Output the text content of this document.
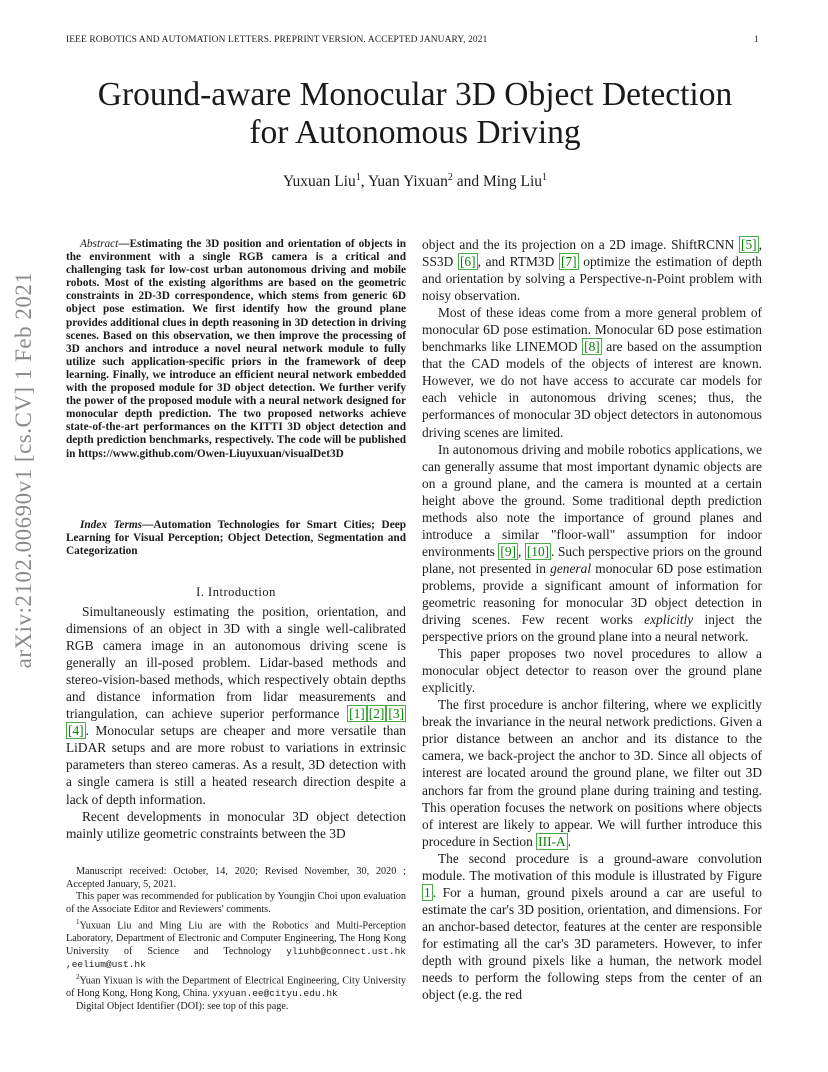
IEEE ROBOTICS AND AUTOMATION LETTERS. PREPRINT VERSION. ACCEPTED JANUARY, 2021	1
arXiv:2102.00690v1 [cs.CV] 1 Feb 2021
Ground-aware Monocular 3D Object Detection
for Autonomous Driving
Yuxuan Liu$^1$, Yuan Yixuan$^2$ and Ming Liu$^1$

Abstract—Estimating the 3D position and orientation of objects in the environment with a single RGB camera is a critical and challenging task for low-cost urban autonomous driving and mobile robots. Most of the existing algorithms are based on the geometric constraints in 2D-3D correspondence, which stems from generic 6D object pose estimation. We first identify how the ground plane provides additional clues in depth reasoning in 3D detection in driving scenes. Based on this observation, we then improve the processing of 3D anchors and introduce a novel neural network module to fully utilize such application-specific priors in the framework of deep learning. Finally, we introduce an efficient neural network embedded with the proposed module for 3D object detection. We further verify the power of the proposed module with a neural network designed for monocular depth prediction. The two proposed networks achieve state-of-the-art performances on the KITTI 3D object detection and depth prediction benchmarks, respectively. The code will be published in https://www.github.com/Owen-Liuyuxuan/visualDet3D

Index Terms—Automation Technologies for Smart Cities; Deep Learning for Visual Perception; Object Detection, Segmentation and Categorization

I. Introduction

Simultaneously estimating the position, orientation, and dimensions of an object in 3D with a single well-calibrated RGB camera image in an autonomous driving scene is generally an ill-posed problem. Lidar-based methods and stereo-vision-based methods, which respectively obtain depths and distance information from lidar measurements and triangulation, can achieve superior performance [1] [2] [3][4] . Monocular setups are cheaper and more versatile than LiDAR setups and are more robust to variations in extrinsic parameters than stereo cameras. As a result, 3D detection with a single camera is still a heated research direction despite a lack of depth information.

Recent developments in monocular 3D object detection mainly utilize geometric constraints between the 3D

Manuscript received: October, 14, 2020; Revised November, 30, 2020 ; Accepted January, 5, 2021.

This paper was recommended for publication by Youngjin Choi upon evaluation of the Associate Editor and Reviewers' comments.

$^1$Yuxuan Liu and Ming Liu are with the Robotics and Multi-Perception Laboratory, Department of Electronic and Computer Engineering, The Hong Kong University of Science and Technology yliuhb@connect.ust.hk ,eelium@ust.hk

$^2$Yuan Yixuan is with the Department of Electrical Engineering, City University of Hong Kong, Hong Kong, China. yxyuan.ee@cityu.edu.hk

Digital Object Identifier (DOI): see top of this page.

object and the its projection on a 2D image. ShiftRCNN [5] , SS3D [6] , and RTM3D [7] optimize the estimation of depth and orientation by solving a Perspective-n-Point problem with noisy observation.

Most of these ideas come from a more general problem of monocular 6D pose estimation. Monocular 6D pose estimation benchmarks like LINEMOD [8] are based on the assumption that the CAD models of the objects of interest are known. However, we do not have access to accurate car models for each vehicle in autonomous driving scenes; thus, the performances of monocular 3D object detectors in autonomous driving scenes are limited.

In autonomous driving and mobile robotics applications, we can generally assume that most important dynamic objects are on a ground plane, and the camera is mounted at a certain height above the ground. Some traditional depth prediction methods also note the importance of ground planes and introduce a similar "floor-wall" assumption for indoor environments [9] , [10] . Such perspective priors on the ground plane, not presented in general monocular 6D pose estimation problems, provide a significant amount of information for geometric reasoning for monocular 3D object detection in driving scenes. Few recent works explicitly inject the perspective priors on the ground plane into a neural network.

This paper proposes two novel procedures to allow a monocular object detector to reason over the ground plane explicitly.

The first procedure is anchor filtering, where we explicitly break the invariance in the neural network predictions. Given a prior distance between an anchor and its distance to the camera, we back-project the anchor to 3D. Since all objects of interest are located around the ground plane, we filter out 3D anchors far from the ground plane during training and testing. This operation focuses the network on positions where objects of interest are likely to appear. We will further introduce this procedure in Section III-A .

The second procedure is a ground-aware convolution module. The motivation of this module is illustrated by Figure 1 . For a human, ground pixels around a car are useful to estimate the car's 3D position, orientation, and dimensions. For an anchor-based detector, features at the center are responsible for estimating all the car's 3D parameters. However, to infer depth with ground pixels like a human, the network model needs to perform the following steps from the center of an object (e.g. the red
